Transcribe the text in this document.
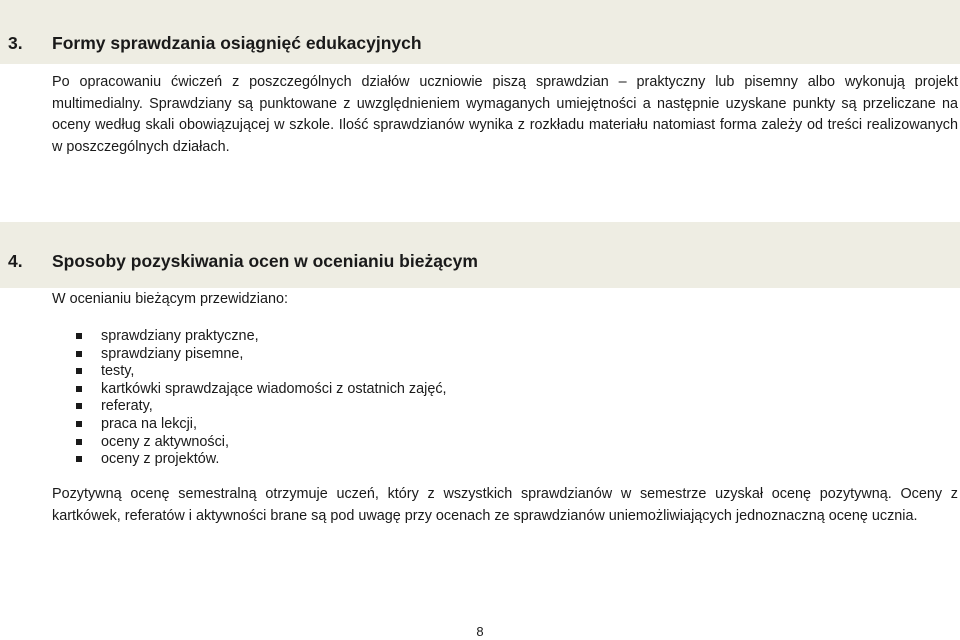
3. Formy sprawdzania osiągnięć edukacyjnych
Po opracowaniu ćwiczeń z poszczególnych działów uczniowie piszą sprawdzian – praktyczny lub pisemny albo wykonują projekt multimedialny. Sprawdziany są punktowane z uwzględnieniem wymaganych umiejętności a następnie uzyskane punkty są przeliczane na oceny według skali obowiązującej w szkole. Ilość sprawdzianów wynika z rozkładu materiału natomiast forma zależy od treści realizowanych w poszczególnych działach.
4. Sposoby pozyskiwania ocen w ocenianiu bieżącym
W ocenianiu bieżącym przewidziano:
sprawdziany praktyczne,
sprawdziany pisemne,
testy,
kartkówki sprawdzające wiadomości z ostatnich zajęć,
referaty,
praca na lekcji,
oceny z aktywności,
oceny z projektów.
Pozytywną ocenę semestralną otrzymuje uczeń, który z wszystkich sprawdzianów w semestrze uzyskał ocenę pozytywną. Oceny z kartkówek, referatów i aktywności brane są pod uwagę przy ocenach ze sprawdzianów uniemożliwiających jednoznaczną ocenę ucznia.
8
